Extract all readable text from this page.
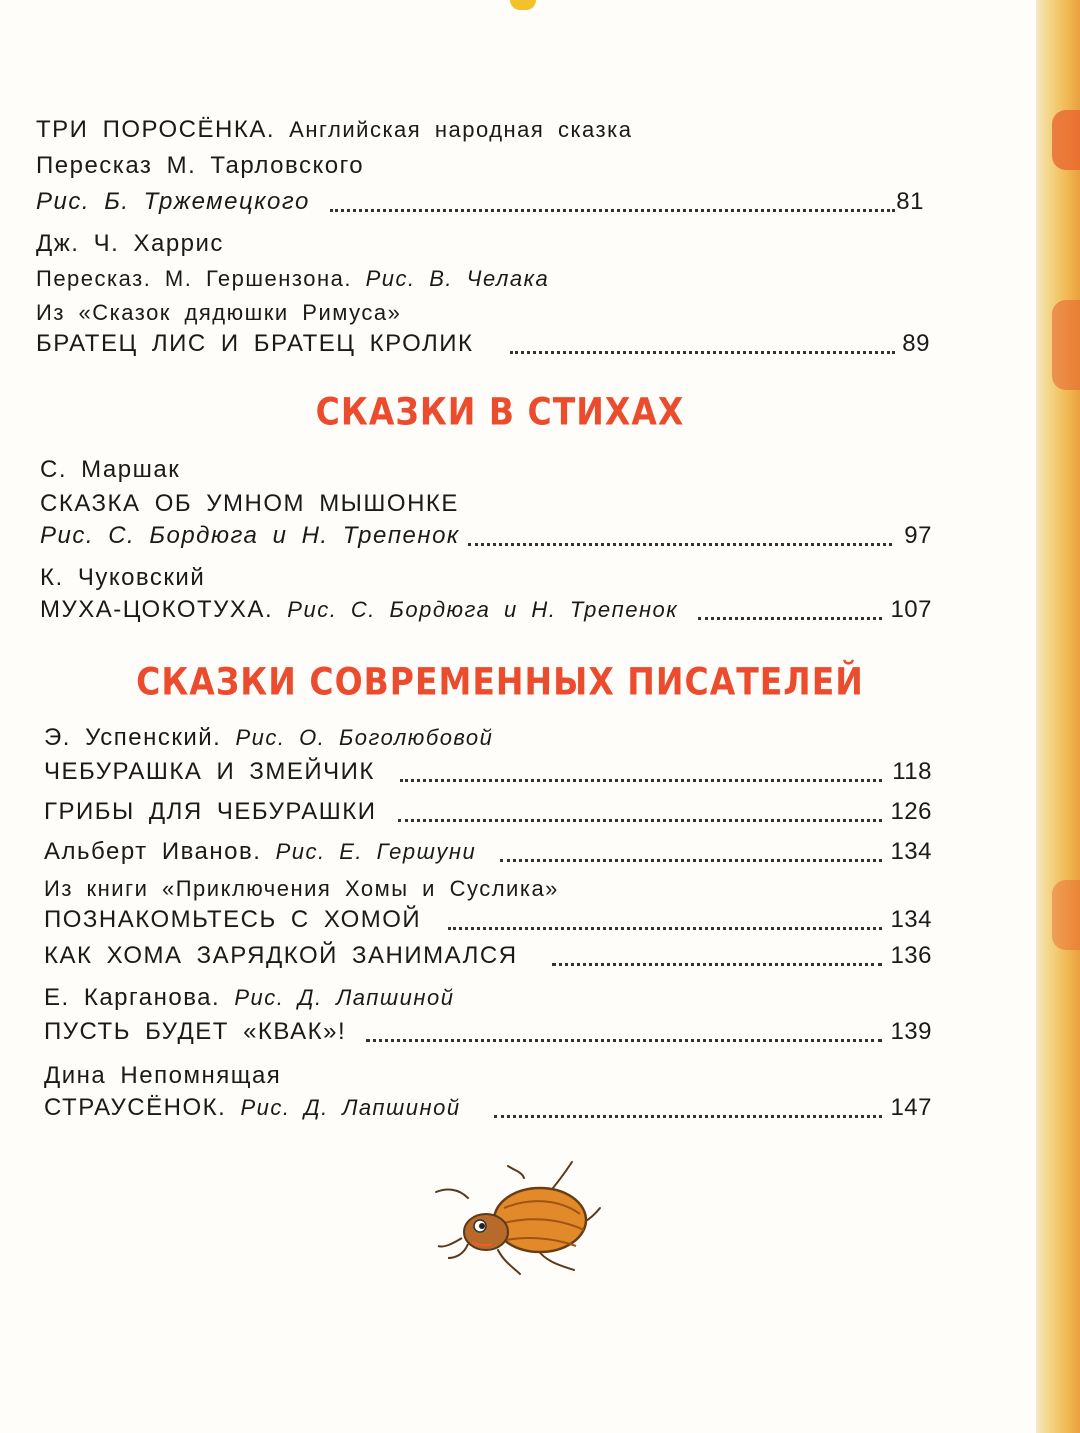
ТРИ ПОРОСЁНКА. Английская народная сказка
Пересказ М. Тарловского
Рис. Б. Тржемецкого	81
Дж. Ч. Харрис
Пересказ. М. Гершензона. Рис. В. Челака
Из «Сказок дядюшки Римуса»
БРАТЕЦ ЛИС И БРАТЕЦ КРОЛИК	89
СКАЗКИ В СТИХАХ
С. Маршак
СКАЗКА ОБ УМНОМ МЫШОНКЕ
Рис. С. Бордюга и Н. Трепенок	97
К. Чуковский
МУХА-ЦОКОТУХА. Рис. С. Бордюга и Н. Трепенок	107
СКАЗКИ СОВРЕМЕННЫХ ПИСАТЕЛЕЙ
Э. Успенский. Рис. О. Боголюбовой
ЧЕБУРАШКА И ЗМЕЙЧИК	118
ГРИБЫ ДЛЯ ЧЕБУРАШКИ	126
Альберт Иванов. Рис. Е. Гершуни	134
Из книги «Приключения Хомы и Суслика»
ПОЗНАКОМЬТЕСЬ С ХОМОЙ	134
КАК ХОМА ЗАРЯДКОЙ ЗАНИМАЛСЯ	136
Е. Карганова. Рис. Д. Лапшиной
ПУСТЬ БУДЕТ «КВАК»!	139
Дина Непомнящая
СТРАУСЁНОК. Рис. Д. Лапшиной	147
